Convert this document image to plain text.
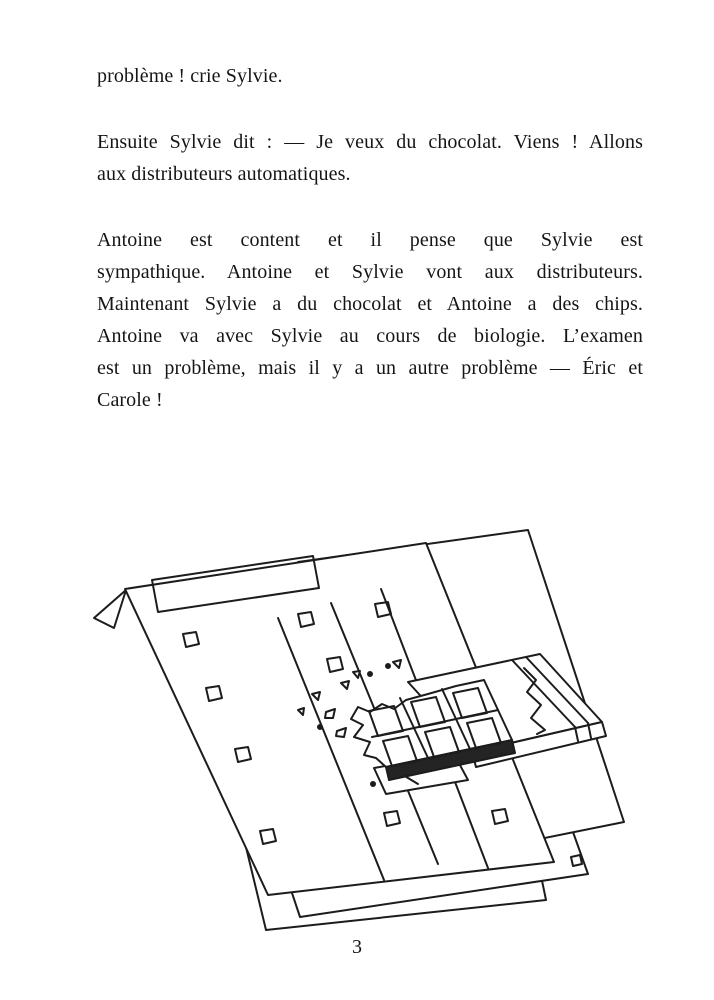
problème ! crie Sylvie.
Ensuite Sylvie dit : — Je veux du chocolat. Viens ! Allons
aux distributeurs automatiques.
Antoine est content et il pense que Sylvie est
sympathique. Antoine et Sylvie vont aux distributeurs.
Maintenant Sylvie a du chocolat et Antoine a des chips.
Antoine va avec Sylvie au cours de biologie. L’examen
est un problème, mais il y a un autre problème — Éric et
Carole !
3
